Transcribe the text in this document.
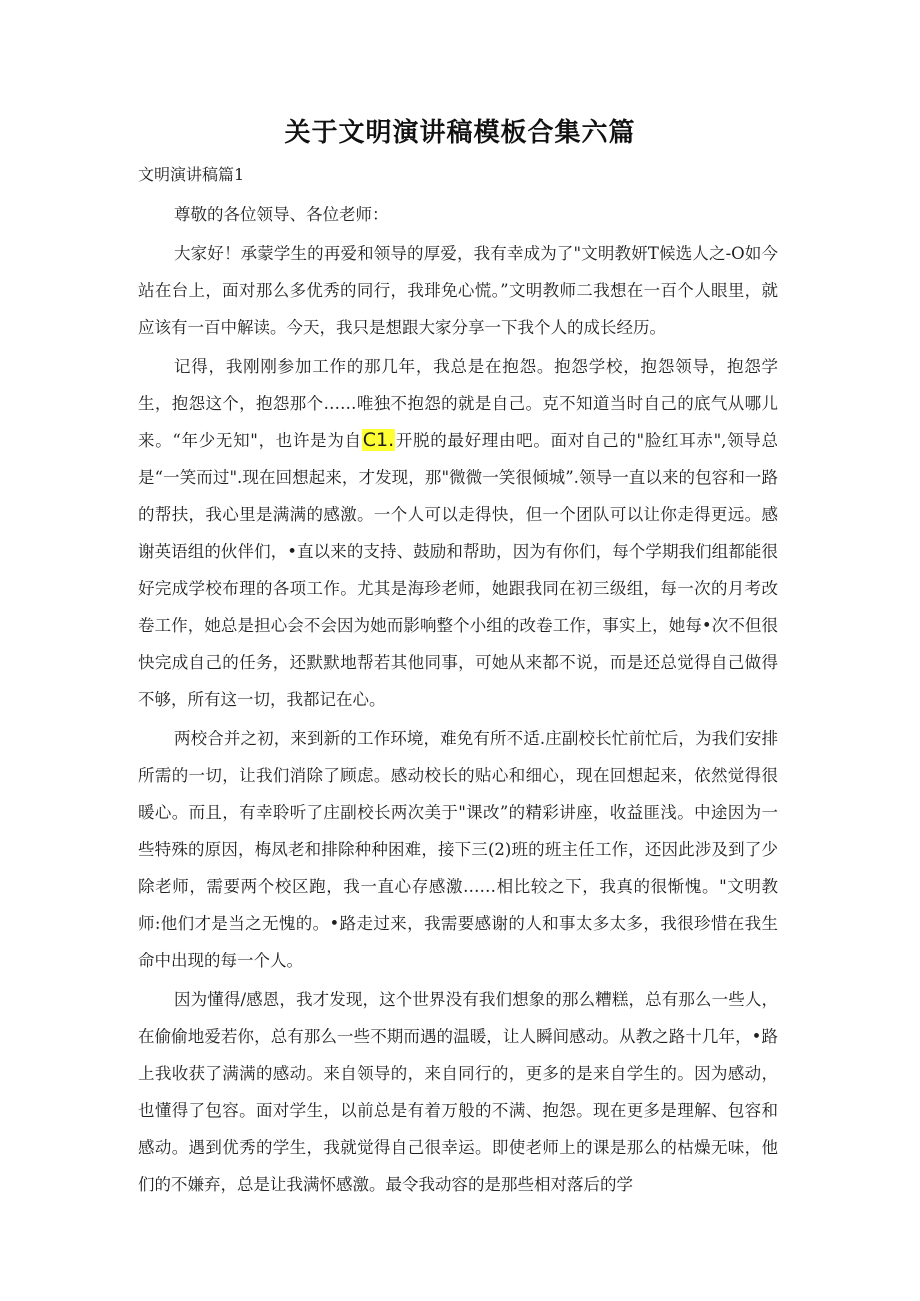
关于文明演讲稿模板合集六篇

文明演讲稿篇1

尊敬的各位领导、各位老师：

大家好！承蒙学生的再爱和领导的厚爱，我有幸成为了"文明教妍T候选人之-O如今站在台上，面对那么多优秀的同行，我琲免心慌。”文明教师二我想在一百个人眼里，就应该有一百中解读。今天，我只是想跟大家分享一下我个人的成长经历。

记得，我刚刚参加工作的那几年，我总是在抱怨。抱怨学校，抱怨领导，抱怨学生，抱怨这个，抱怨那个……唯独不抱怨的就是自己。克不知道当时自己的底气从哪儿来。“年少无知"，也许是为自C1.开脱的最好理由吧。面对自己的"脸红耳赤",领导总是“一笑而过".现在回想起来，才发现，那"微微一笑很倾城”.领导一直以来的包容和一路的帮扶，我心里是满满的感激。一个人可以走得快，但一个团队可以让你走得更远。感谢英语组的伙伴们，•直以来的支持、鼓励和帮助，因为有你们，每个学期我们组都能很好完成学校布理的各项工作。尤其是海珍老师，她跟我同在初三级组，每一次的月考改卷工作，她总是担心会不会因为她而影响整个小组的改卷工作，事实上，她每•次不但很快完成自己的任务，还默默地帮若其他同事，可她从来都不说，而是还总觉得自己做得不够，所有这一切，我都记在心。

两校合并之初，来到新的工作环境，难免有所不适.庄副校长忙前忙后，为我们安排所需的一切，让我们消除了顾虑。感动校长的贴心和细心，现在回想起来，依然觉得很暖心。而且，有幸聆听了庄副校长两次美于"课改”的精彩讲座，收益匪浅。中途因为一些特殊的原因，梅凤老和排除种种困难，接下三(2)班的班主任工作，还因此涉及到了少除老师，需要两个校区跑，我一直心存感激……相比较之下，我真的很惭愧。"文明教师:他们才是当之无愧的。•路走过来，我需要感谢的人和事太多太多，我很珍惜在我生命中出现的每一个人。

因为懂得/感恩，我才发现，这个世界没有我们想象的那么糟糕，总有那么一些人，在偷偷地爱若你，总有那么一些不期而遇的温暖，让人瞬间感动。从教之路十几年，•路上我收获了满满的感动。来自领导的，来自同行的，更多的是来自学生的。因为感动，也懂得了包容。面对学生，以前总是有着万般的不满、抱怨。现在更多是理解、包容和感动。遇到优秀的学生，我就觉得自己很幸运。即使老师上的课是那么的枯燥无味，他们的不嫌弃，总是让我满怀感激。最令我动容的是那些相对落后的学
